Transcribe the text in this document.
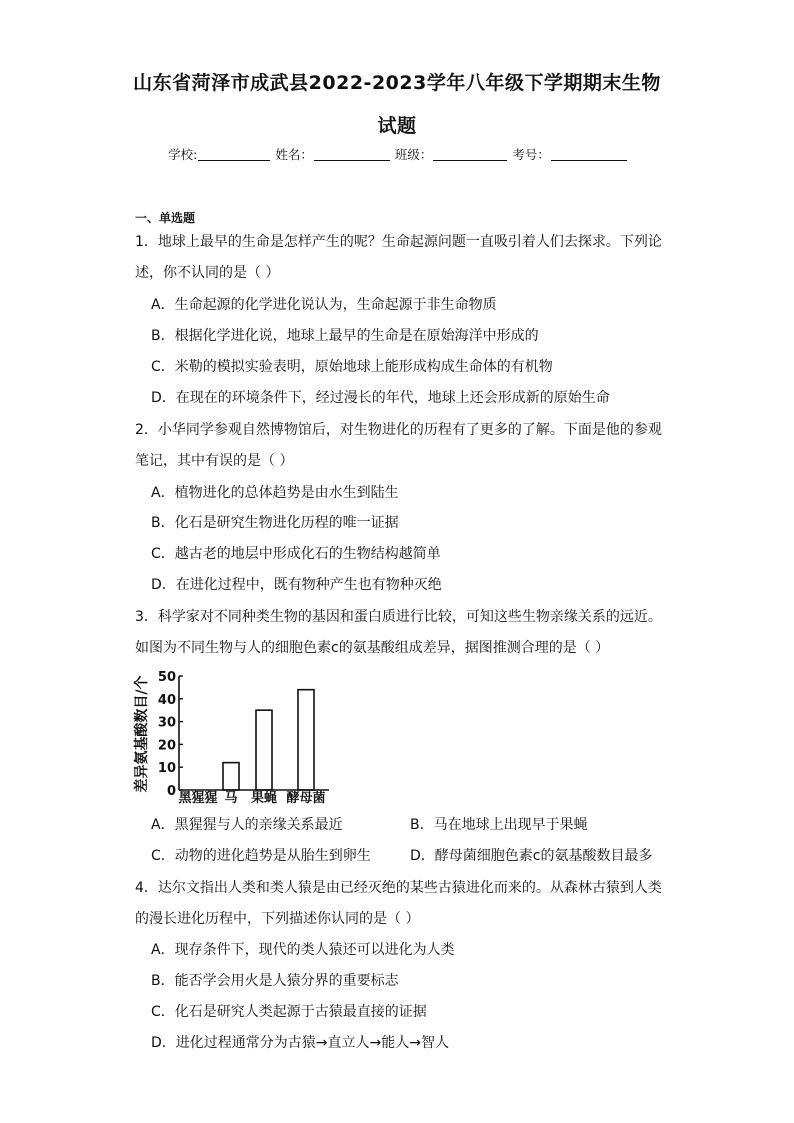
山东省菏泽市成武县2022-2023学年八年级下学期期末生物
试题
学校:	姓名：	班级：	考号：
一、单选题
1．地球上最早的生命是怎样产生的呢？生命起源问题一直吸引着人们去探求。下列论
述，你不认同的是（ ）
A．生命起源的化学进化说认为，生命起源于非生命物质
B．根据化学进化说，地球上最早的生命是在原始海洋中形成的
C．米勒的模拟实验表明，原始地球上能形成构成生命体的有机物
D．在现在的环境条件下，经过漫长的年代，地球上还会形成新的原始生命
2．小华同学参观自然博物馆后，对生物进化的历程有了更多的了解。下面是他的参观
笔记，其中有误的是（ ）
A．植物进化的总体趋势是由水生到陆生
B．化石是研究生物进化历程的唯一证据
C．越古老的地层中形成化石的生物结构越简单
D．在进化过程中，既有物种产生也有物种灭绝
3．科学家对不同种类生物的基因和蛋白质进行比较，可知这些生物亲缘关系的远近。
如图为不同生物与人的细胞色素c的氨基酸组成差异，据图推测合理的是（ ）
0
10
20
30
40
50
黑猩猩 马 果蝇 酵母菌
差异氨基酸数目/个
A．黑猩猩与人的亲缘关系最近	B．马在地球上出现早于果蝇
C．动物的进化趋势是从胎生到卵生	D．酵母菌细胞色素c的氨基酸数目最多
4．达尔文指出人类和类人猿是由已经灭绝的某些古猿进化而来的。从森林古猿到人类
的漫长进化历程中，下列描述你认同的是（ ）
A．现存条件下，现代的类人猿还可以进化为人类
B．能否学会用火是人猿分界的重要标志
C．化石是研究人类起源于古猿最直接的证据
D．进化过程通常分为古猿→直立人→能人→智人
